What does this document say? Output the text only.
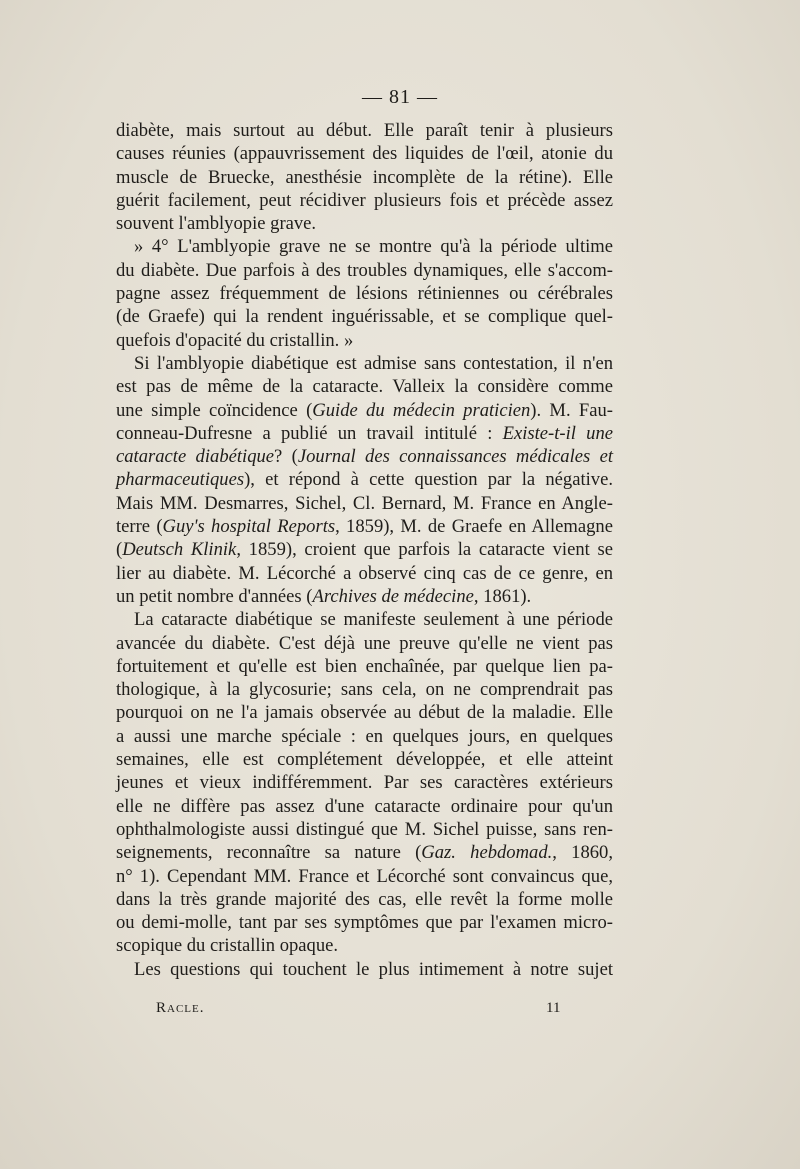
— 81 —
diabète, mais surtout au début. Elle paraît tenir à plusieurs
causes réunies (appauvrissement des liquides de l'œil, atonie du
muscle de Bruecke, anesthésie incomplète de la rétine). Elle
guérit facilement, peut récidiver plusieurs fois et précède assez
souvent l'amblyopie grave.
» 4° L'amblyopie grave ne se montre qu'à la période ultime
du diabète. Due parfois à des troubles dynamiques, elle s'accom-
pagne assez fréquemment de lésions rétiniennes ou cérébrales
(de Graefe) qui la rendent inguérissable, et se complique quel-
quefois d'opacité du cristallin. »
Si l'amblyopie diabétique est admise sans contestation, il n'en
est pas de même de la cataracte. Valleix la considère comme
une simple coïncidence (Guide du médecin praticien). M. Fau-
conneau-Dufresne a publié un travail intitulé : Existe-t-il une
cataracte diabétique? (Journal des connaissances médicales et
pharmaceutiques), et répond à cette question par la négative.
Mais MM. Desmarres, Sichel, Cl. Bernard, M. France en Angle-
terre (Guy's hospital Reports, 1859), M. de Graefe en Allemagne
(Deutsch Klinik, 1859), croient que parfois la cataracte vient se
lier au diabète. M. Lécorché a observé cinq cas de ce genre, en
un petit nombre d'années (Archives de médecine, 1861).
La cataracte diabétique se manifeste seulement à une période
avancée du diabète. C'est déjà une preuve qu'elle ne vient pas
fortuitement et qu'elle est bien enchaînée, par quelque lien pa-
thologique, à la glycosurie; sans cela, on ne comprendrait pas
pourquoi on ne l'a jamais observée au début de la maladie. Elle
a aussi une marche spéciale : en quelques jours, en quelques
semaines, elle est complétement développée, et elle atteint
jeunes et vieux indifféremment. Par ses caractères extérieurs
elle ne diffère pas assez d'une cataracte ordinaire pour qu'un
ophthalmologiste aussi distingué que M. Sichel puisse, sans ren-
seignements, reconnaître sa nature (Gaz. hebdomad., 1860,
n° 1). Cependant MM. France et Lécorché sont convaincus que,
dans la très grande majorité des cas, elle revêt la forme molle
ou demi-molle, tant par ses symptômes que par l'examen micro-
scopique du cristallin opaque.
Les questions qui touchent le plus intimement à notre sujet
Racle.	11
